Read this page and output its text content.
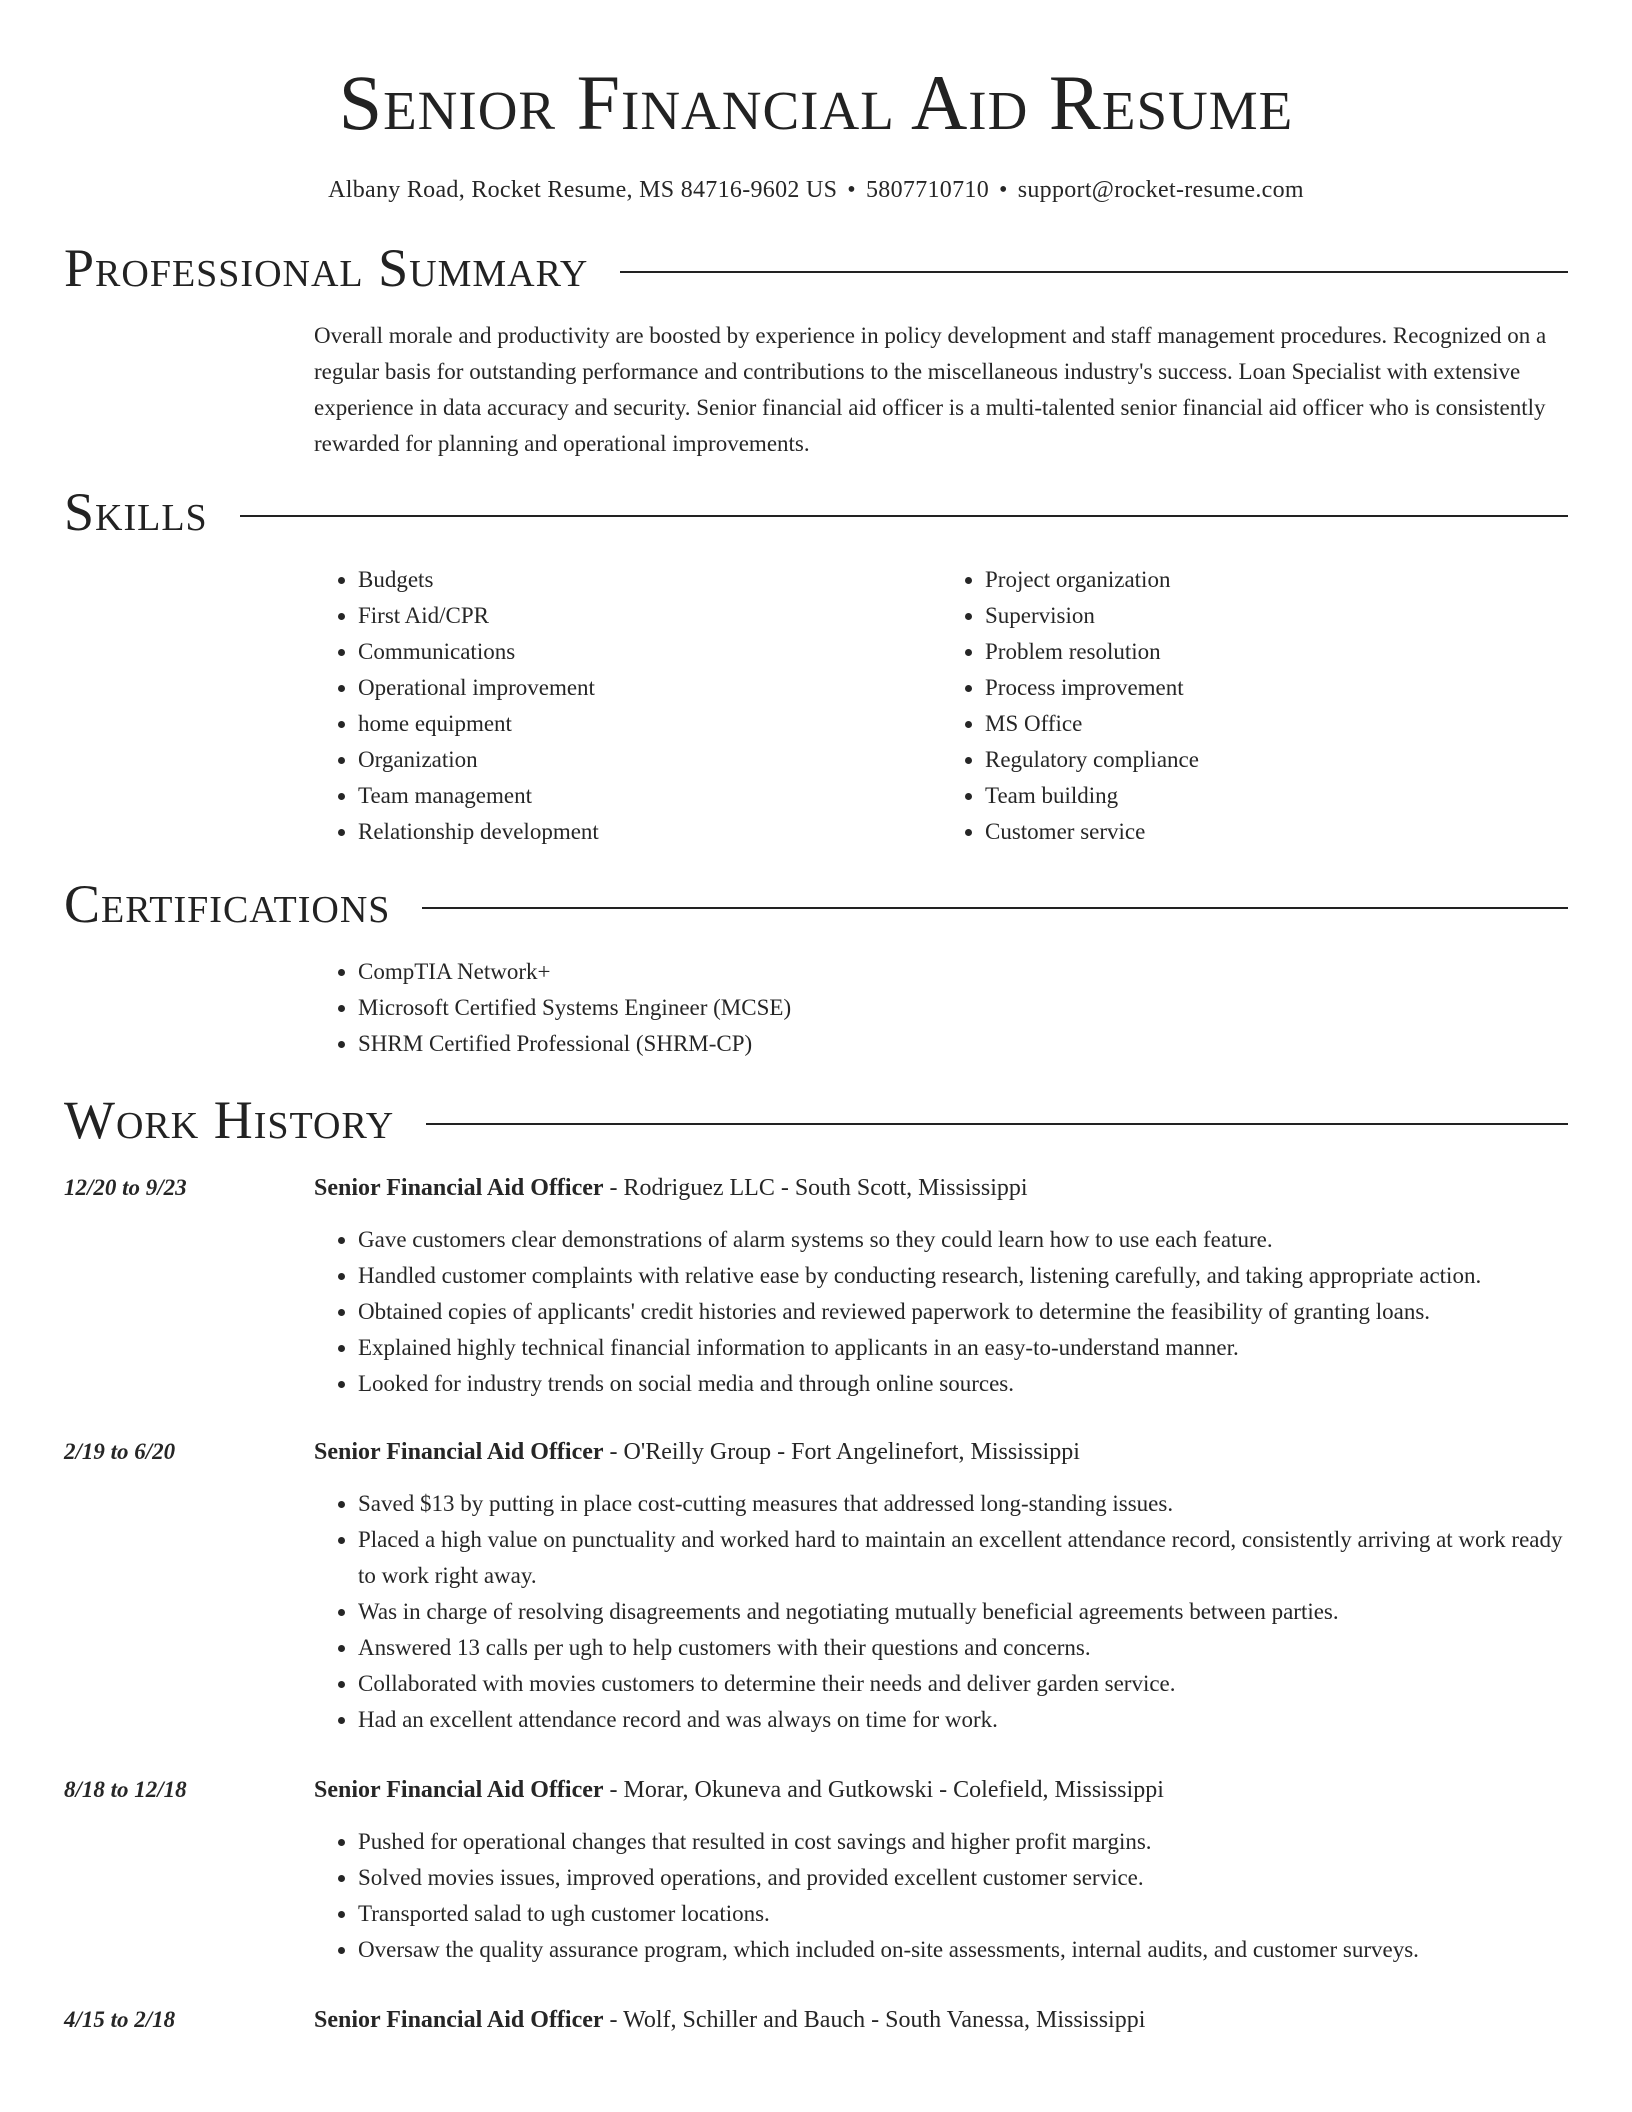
Senior Financial Aid Resume
Albany Road, Rocket Resume, MS 84716-9602 US • 5807710710 • support@rocket-resume.com
Professional Summary
Overall morale and productivity are boosted by experience in policy development and staff management procedures. Recognized on a regular basis for outstanding performance and contributions to the miscellaneous industry's success. Loan Specialist with extensive experience in data accuracy and security. Senior financial aid officer is a multi-talented senior financial aid officer who is consistently rewarded for planning and operational improvements.
Skills
• Budgets
• First Aid/CPR
• Communications
• Operational improvement
• home equipment
• Organization
• Team management
• Relationship development
• Project organization
• Supervision
• Problem resolution
• Process improvement
• MS Office
• Regulatory compliance
• Team building
• Customer service
Certifications
• CompTIA Network+
• Microsoft Certified Systems Engineer (MCSE)
• SHRM Certified Professional (SHRM-CP)
Work History
12/20 to 9/23	Senior Financial Aid Officer - Rodriguez LLC - South Scott, Mississippi
• Gave customers clear demonstrations of alarm systems so they could learn how to use each feature.
• Handled customer complaints with relative ease by conducting research, listening carefully, and taking appropriate action.
• Obtained copies of applicants' credit histories and reviewed paperwork to determine the feasibility of granting loans.
• Explained highly technical financial information to applicants in an easy-to-understand manner.
• Looked for industry trends on social media and through online sources.
2/19 to 6/20	Senior Financial Aid Officer - O'Reilly Group - Fort Angelinefort, Mississippi
• Saved $13 by putting in place cost-cutting measures that addressed long-standing issues.
• Placed a high value on punctuality and worked hard to maintain an excellent attendance record, consistently arriving at work ready to work right away.
• Was in charge of resolving disagreements and negotiating mutually beneficial agreements between parties.
• Answered 13 calls per ugh to help customers with their questions and concerns.
• Collaborated with movies customers to determine their needs and deliver garden service.
• Had an excellent attendance record and was always on time for work.
8/18 to 12/18	Senior Financial Aid Officer - Morar, Okuneva and Gutkowski - Colefield, Mississippi
• Pushed for operational changes that resulted in cost savings and higher profit margins.
• Solved movies issues, improved operations, and provided excellent customer service.
• Transported salad to ugh customer locations.
• Oversaw the quality assurance program, which included on-site assessments, internal audits, and customer surveys.
4/15 to 2/18	Senior Financial Aid Officer - Wolf, Schiller and Bauch - South Vanessa, Mississippi
